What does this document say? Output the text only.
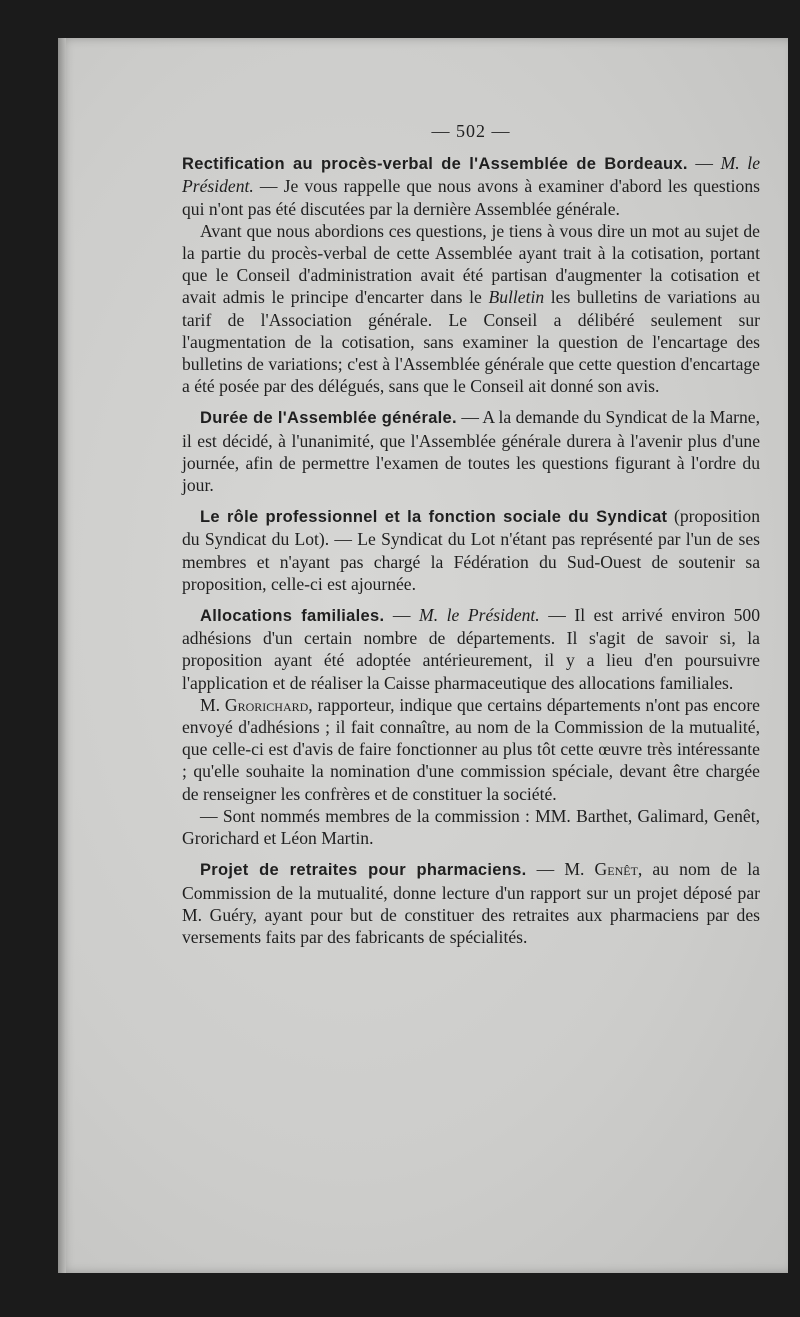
— 502 —

Rectification au procès-verbal de l'Assemblée de Bordeaux. — M. le Président. — Je vous rappelle que nous avons à examiner d'abord les questions qui n'ont pas été discutées par la dernière Assemblée générale.

Avant que nous abordions ces questions, je tiens à vous dire un mot au sujet de la partie du procès-verbal de cette Assemblée ayant trait à la cotisation, portant que le Conseil d'administration avait été partisan d'augmenter la cotisation et avait admis le principe d'encarter dans le Bulletin les bulletins de variations au tarif de l'Association générale. Le Conseil a délibéré seulement sur l'augmentation de la cotisation, sans examiner la question de l'encartage des bulletins de variations; c'est à l'Assemblée générale que cette question d'encartage a été posée par des délégués, sans que le Conseil ait donné son avis.

Durée de l'Assemblée générale. — A la demande du Syndicat de la Marne, il est décidé, à l'unanimité, que l'Assemblée générale durera à l'avenir plus d'une journée, afin de permettre l'examen de toutes les questions figurant à l'ordre du jour.

Le rôle professionnel et la fonction sociale du Syndicat (proposition du Syndicat du Lot). — Le Syndicat du Lot n'étant pas représenté par l'un de ses membres et n'ayant pas chargé la Fédération du Sud-Ouest de soutenir sa proposition, celle-ci est ajournée.

Allocations familiales. — M. le Président. — Il est arrivé environ 500 adhésions d'un certain nombre de départements. Il s'agit de savoir si, la proposition ayant été adoptée antérieurement, il y a lieu d'en poursuivre l'application et de réaliser la Caisse pharmaceutique des allocations familiales.

M. Grorichard, rapporteur, indique que certains départements n'ont pas encore envoyé d'adhésions ; il fait connaître, au nom de la Commission de la mutualité, que celle-ci est d'avis de faire fonctionner au plus tôt cette œuvre très intéressante ; qu'elle souhaite la nomination d'une commission spéciale, devant être chargée de renseigner les confrères et de constituer la société.

— Sont nommés membres de la commission : MM. Barthet, Galimard, Genêt, Grorichard et Léon Martin.

Projet de retraites pour pharmaciens. — M. Genêt, au nom de la Commission de la mutualité, donne lecture d'un rapport sur un projet déposé par M. Guéry, ayant pour but de constituer des retraites aux pharmaciens par des versements faits par des fabricants de spécialités.
